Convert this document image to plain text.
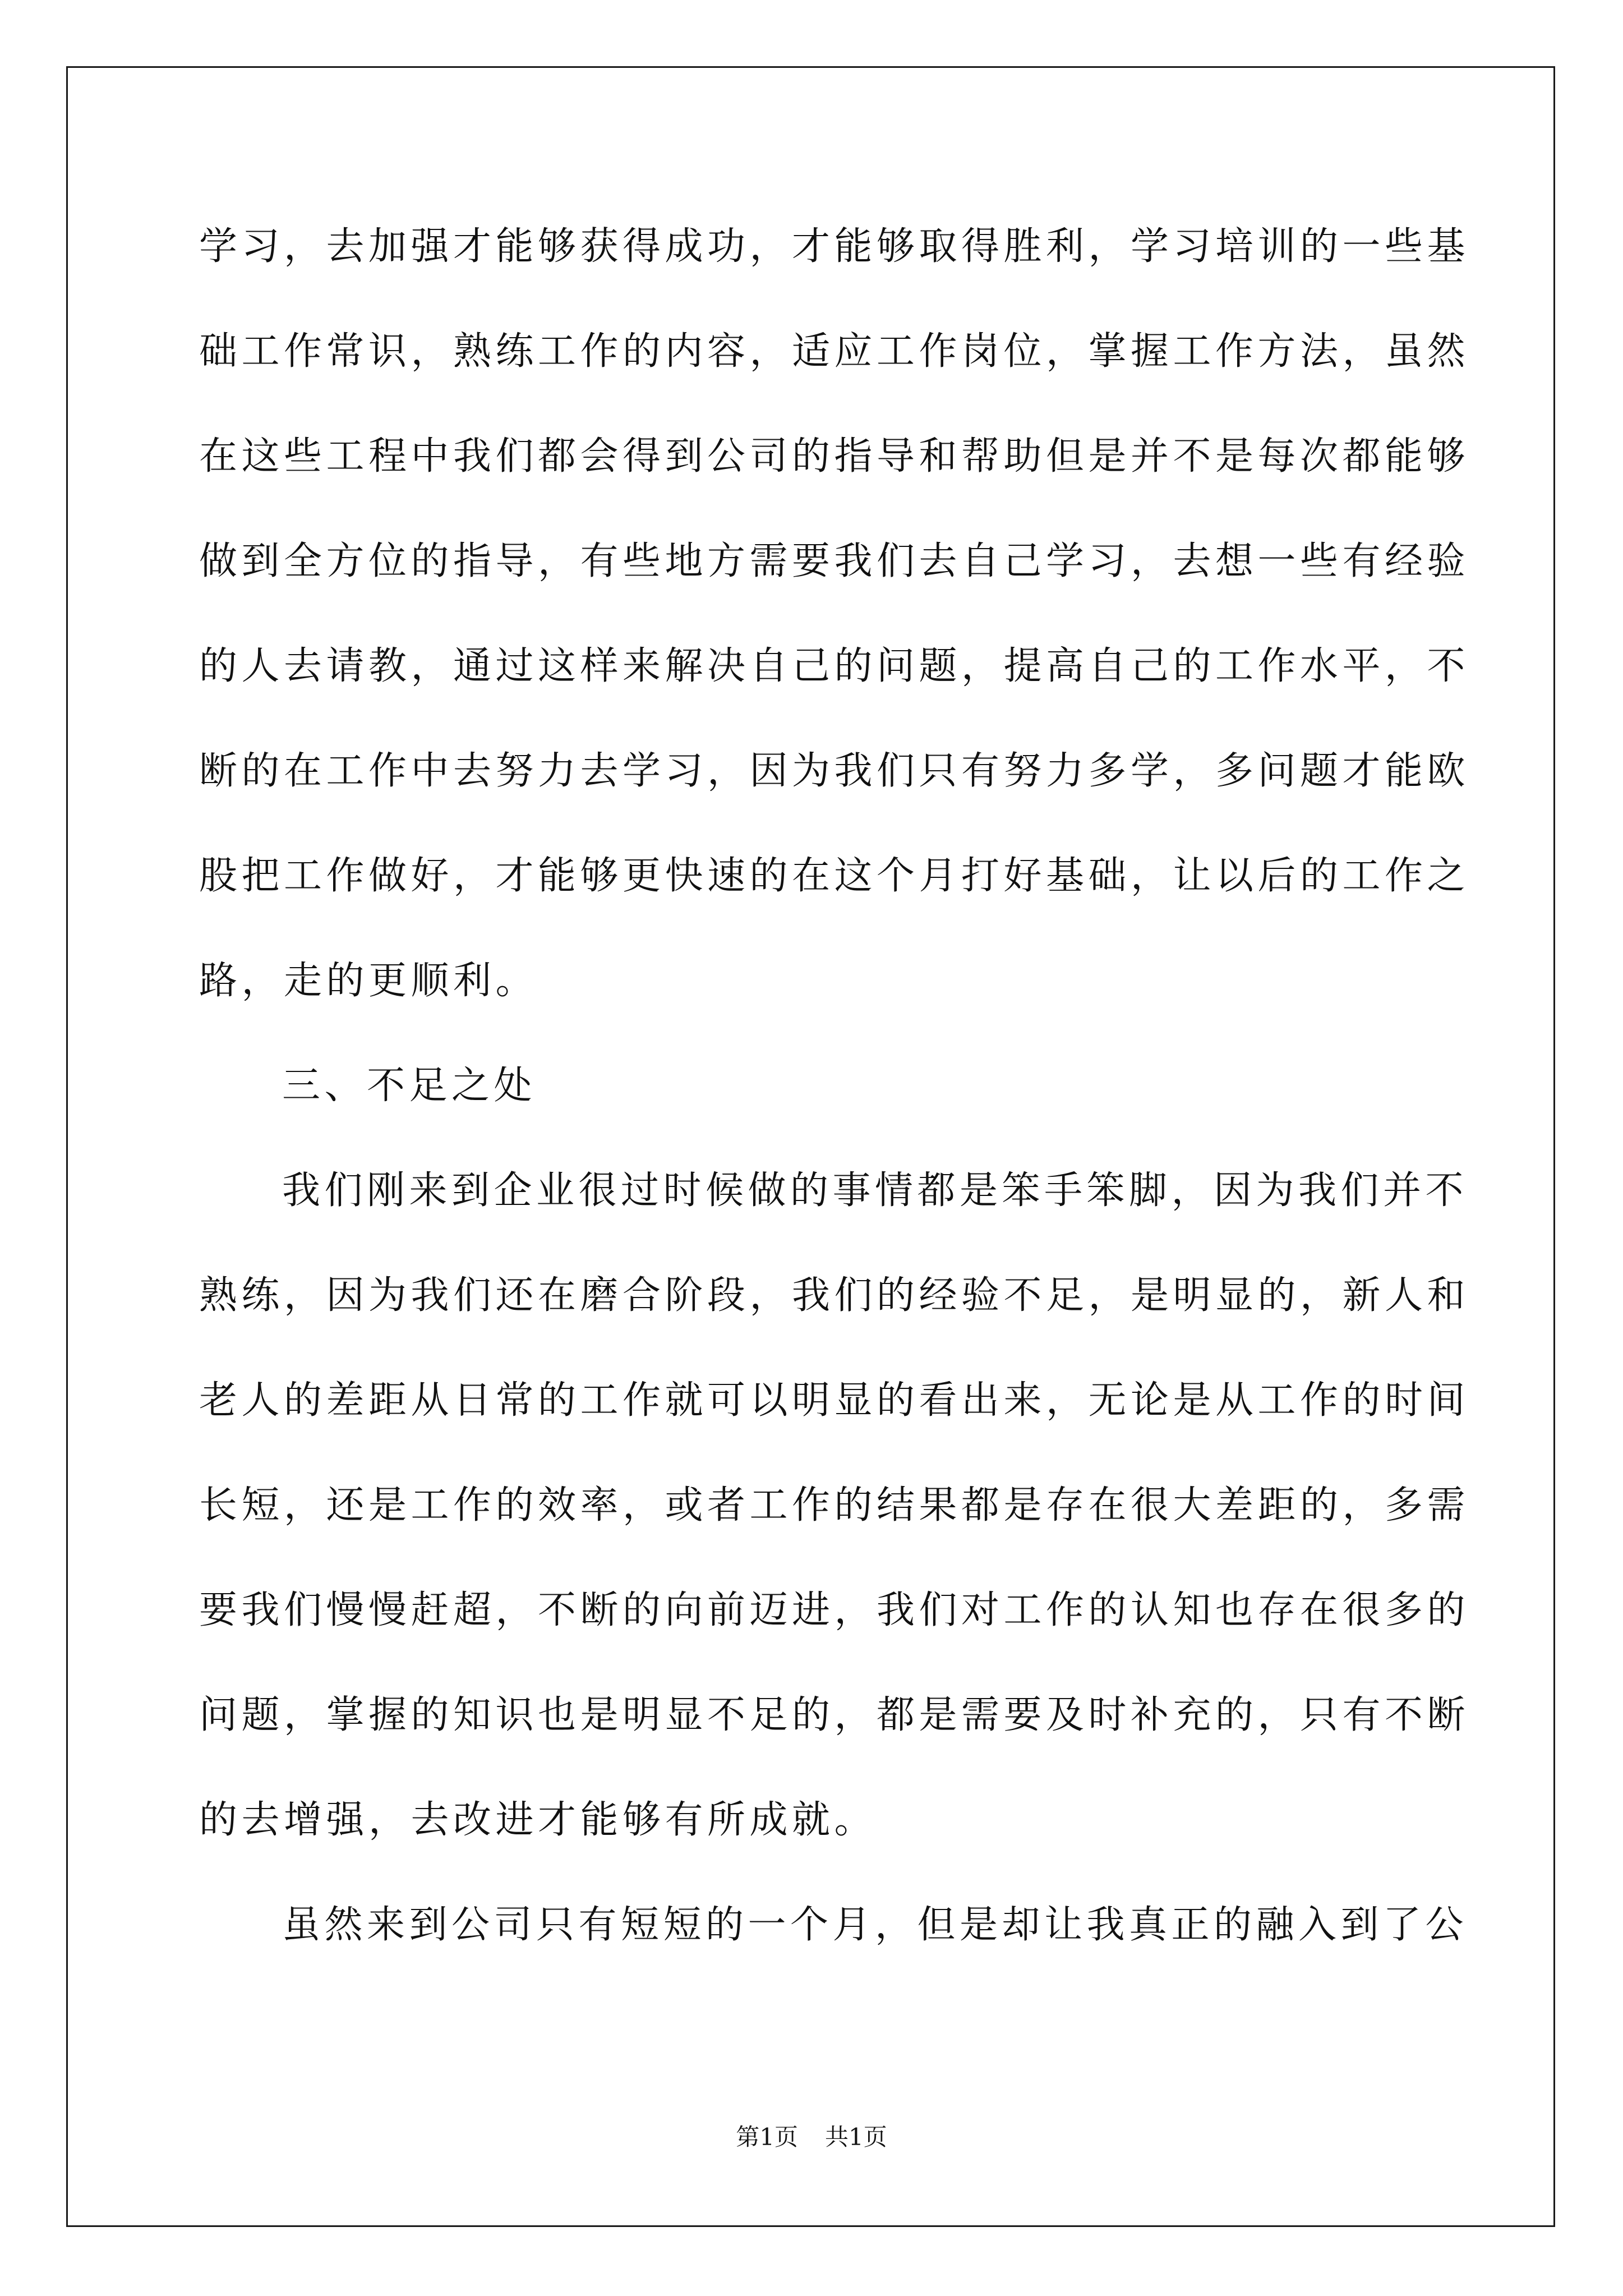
学习，去加强才能够获得成功，才能够取得胜利，学习培训的一些基
础工作常识，熟练工作的内容，适应工作岗位，掌握工作方法，虽然
在这些工程中我们都会得到公司的指导和帮助但是并不是每次都能够
做到全方位的指导，有些地方需要我们去自己学习，去想一些有经验
的人去请教，通过这样来解决自己的问题，提高自己的工作水平，不
断的在工作中去努力去学习，因为我们只有努力多学，多问题才能欧
股把工作做好，才能够更快速的在这个月打好基础，让以后的工作之
路，走的更顺利。
三、不足之处
我们刚来到企业很过时候做的事情都是笨手笨脚，因为我们并不
熟练，因为我们还在磨合阶段，我们的经验不足，是明显的，新人和
老人的差距从日常的工作就可以明显的看出来，无论是从工作的时间
长短，还是工作的效率，或者工作的结果都是存在很大差距的，多需
要我们慢慢赶超，不断的向前迈进，我们对工作的认知也存在很多的
问题，掌握的知识也是明显不足的，都是需要及时补充的，只有不断
的去增强，去改进才能够有所成就。
虽然来到公司只有短短的一个月，但是却让我真正的融入到了公
第1页 共1页
